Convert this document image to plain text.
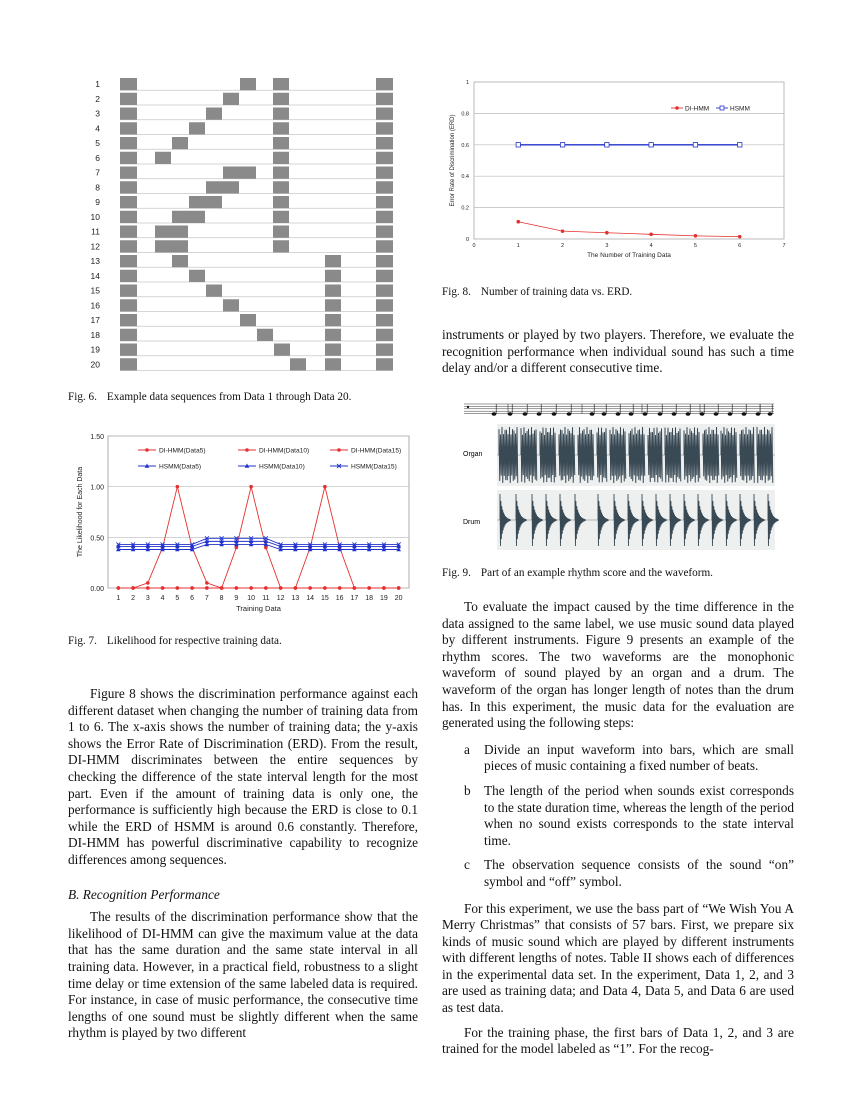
1
2
3
4
5
6
7
8
9
10
11
12
13
14
15
16
17
18
19
20
Fig. 6. Example data sequences from Data 1 through Data 20.
0.00
0.50
1.00
1.50
1 2 3 4 5 6 7 8 9 10 11 12 13 14 15 16 17 18 19 20
Training Data
The Likelihood for Each Data
DI-HMM(Data5)	DI-HMM(Data10)	DI-HMM(Data15)
HSMM(Data5)	HSMM(Data10)	HSMM(Data15)
Fig. 7. Likelihood for respective training data.

Figure 8 shows the discrimination performance against each different dataset when changing the number of training data from 1 to 6. The x-axis shows the number of training data; the y-axis shows the Error Rate of Discrimination (ERD). From the result, DI-HMM discriminates between the entire sequences by checking the difference of the state interval length for the most part. Even if the amount of training data is only one, the performance is sufficiently high because the ERD is close to 0.1 while the ERD of HSMM is around 0.6 constantly. Therefore, DI-HMM has powerful discriminative capability to recognize differences among sequences.

B. Recognition Performance

The results of the discrimination performance show that the likelihood of DI-HMM can give the maximum value at the data that has the same duration and the same state interval in all training data. However, in a practical field, robustness to a slight time delay or time extension of the same labeled data is required. For instance, in case of music performance, the consecutive time lengths of one sound must be slightly different when the same rhythm is played by two different

0
0.2
0.4
0.6
0.8
1
0	1	2	3	4	5	6	7
The Number of Training Data
Error Rate of Discrimination (ERD)
DI-HMM	HSMM
Fig. 8. Number of training data vs. ERD.

instruments or played by two players. Therefore, we evaluate the recognition performance when individual sound has such a time delay and/or a different consecutive time.

Organ
Drum
Fig. 9. Part of an example rhythm score and the waveform.

To evaluate the impact caused by the time difference in the data assigned to the same label, we use music sound data played by different instruments. Figure 9 presents an example of the rhythm scores. The two waveforms are the monophonic waveform of sound played by an organ and a drum. The waveform of the organ has longer length of notes than the drum has. In this experiment, the music data for the evaluation are generated using the following steps:

a	Divide an input waveform into bars, which are small pieces of music containing a fixed number of beats.
b	The length of the period when sounds exist corresponds to the state duration time, whereas the length of the period when no sound exists corresponds to the state interval time.
c	The observation sequence consists of the sound “on” symbol and “off” symbol.

For this experiment, we use the bass part of “We Wish You A Merry Christmas” that consists of 57 bars. First, we prepare six kinds of music sound which are played by different instruments with different lengths of notes. Table II shows each of differences in the experimental data set. In the experiment, Data 1, 2, and 3 are used as training data; and Data 4, Data 5, and Data 6 are used as test data.

For the training phase, the first bars of Data 1, 2, and 3 are trained for the model labeled as “1”. For the recog-
